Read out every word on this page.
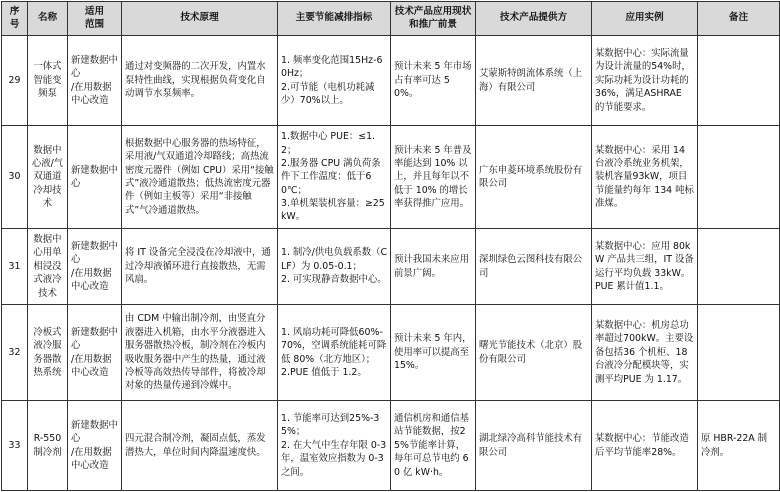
序号	名称	适用
范围	技术原理	主要节能减排指标	技术产品应用现状
和推广前景	技术产品提供方	应用实例	备注
29	一体式智能变频泵	新建数据中心
/在用数据中心改造	通过对变频器的二次开发，内置水泵特性曲线，实现根据负荷变化自动调节水泵频率。	1. 频率变化范围15Hz-60Hz；
2.可节能（电机功耗减少）70%以上。	预计未来 5 年市场占有率可达 50%。	艾蒙斯特朗流体系统（上海）有限公司	某数据中心：实际流量为设计流量的54%时，实际功耗为设计功耗的 36%，满足ASHRAE 的节能要求。	
30	数据中心液/气双通道冷却技术	新建数据中心	根据数据中心服务器的热场特征，采用液/气双通道冷却路线；高热流密度元器件（例如 CPU）采用“接触式”液冷通道散热；低热流密度元器件（例如主板等）采用“非接触式”气冷通道散热。	1.数据中心 PUE：≤1.2；
2.服务器 CPU 满负荷条件下工作温度：低于60℃；
3.单机架装机容量：≥25kW。	预计未来 5 年普及率能达到 10% 以上，并且每年以不低于 10% 的增长率获得推广应用。	广东申菱环境系统股份有限公司	某数据中心：采用 14 台液冷系统业务机架，装机容量93kW，项目节能量约每年 134 吨标准煤。	
31	数据中心用单相浸没式液冷技术	新建数据中心
/在用数据中心改造	将 IT 设备完全浸没在冷却液中，通过冷却液循环进行直接散热，无需风扇。	1. 制冷/供电负载系数（CLF）为 0.05-0.1；
2. 可实现静音数据中心。	预计我国未来应用前景广阔。	深圳绿色云图科技有限公司	某数据中心：应用 80kW 产品共三组，IT 设备运行平均负载 33kW。PUE 累计值1.1。	
32	冷板式液冷服务器散热系统	新建数据中心
/在用数据中心改造	由 CDM 中输出制冷剂，由竖直分液器进入机箱，由水平分液器进入服务器散热冷板，制冷剂在冷板内吸收服务器中产生的热量，通过液冷板等高效热传导部件，将被冷却对象的热量传递到冷媒中。	1. 风扇功耗可降低60%-70%，空调系统能耗可降低 80%（北方地区）；
2.PUE 值低于 1.2。	预计未来 5 年内，使用率可以提高至15%。	曙光节能技术（北京）股份有限公司	某数据中心：机房总功率超过700kW。主要设备包括36 个机柜、18 台液冷分配模块等，实测平均PUE 为 1.17。	
33	R-550 制冷剂	新建数据中心
/在用数据中心改造	四元混合制冷剂，凝固点低，蒸发潜热大，单位时间内降温速度快。	1. 节能率可达到25%-35%；
2. 在大气中生存年限 0-3年，温室效应指数为 0-3 之间。	通信机房和通信基站节能数据，按25%节能率计算，每年可总节电约 60 亿 kW·h。	湖北绿冷高科节能技术有限公司	某数据中心：节能改造后平均节能率28%。	原 HBR-22A 制冷剂。
